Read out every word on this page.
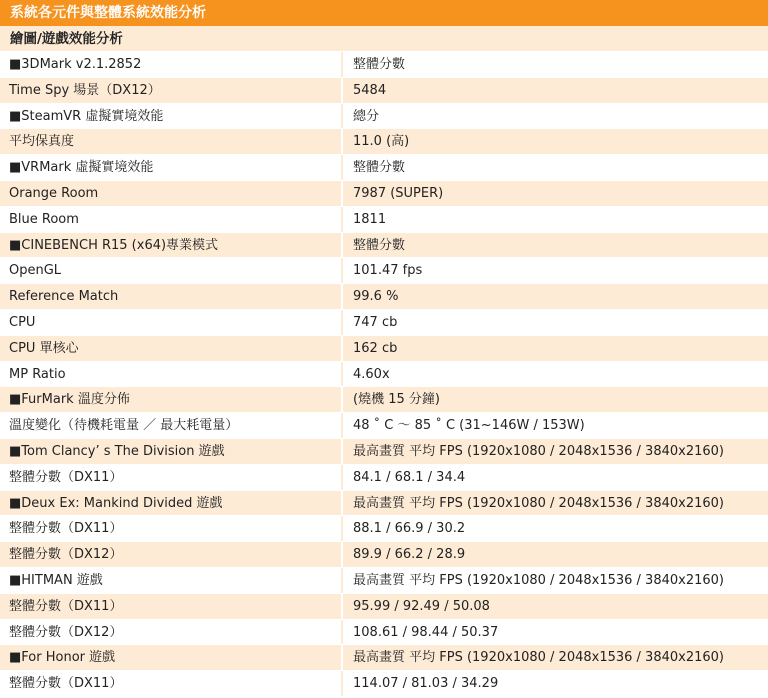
系統各元件與整體系統效能分析
繪圖/遊戲效能分析
■3DMark v2.1.2852	整體分數
Time Spy 場景（DX12）	5484
■SteamVR 虛擬實境效能	總分
平均保真度	11.0 (高)
■VRMark 虛擬實境效能	整體分數
Orange Room	7987 (SUPER)
Blue Room	1811
■CINEBENCH R15 (x64)專業模式	整體分數
OpenGL	101.47 fps
Reference Match	99.6 %
CPU	747 cb
CPU 單核心	162 cb
MP Ratio	4.60x
■FurMark 溫度分佈	(燒機 15 分鐘)
溫度變化（待機耗電量 ／ 最大耗電量）	48 ˚ C ～ 85 ˚ C (31~146W / 153W)
■Tom Clancy’ s The Division 遊戲	最高畫質 平均 FPS (1920x1080 / 2048x1536 / 3840x2160)
整體分數（DX11）	84.1 / 68.1 / 34.4
■Deux Ex: Mankind Divided 遊戲	最高畫質 平均 FPS (1920x1080 / 2048x1536 / 3840x2160)
整體分數（DX11）	88.1 / 66.9 / 30.2
整體分數（DX12）	89.9 / 66.2 / 28.9
■HITMAN 遊戲	最高畫質 平均 FPS (1920x1080 / 2048x1536 / 3840x2160)
整體分數（DX11）	95.99 / 92.49 / 50.08
整體分數（DX12）	108.61 / 98.44 / 50.37
■For Honor 遊戲	最高畫質 平均 FPS (1920x1080 / 2048x1536 / 3840x2160)
整體分數（DX11）	114.07 / 81.03 / 34.29
